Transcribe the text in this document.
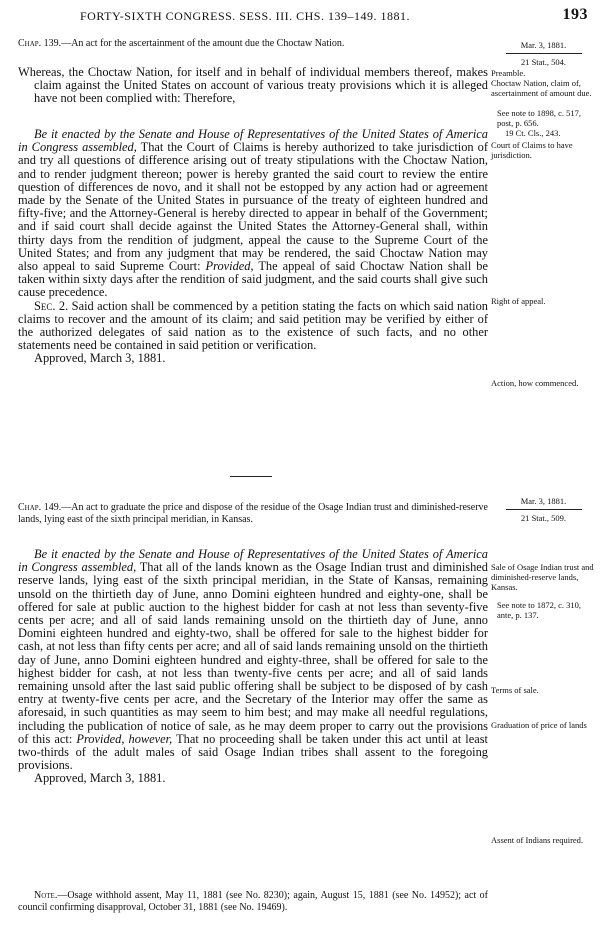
FORTY-SIXTH CONGRESS. SESS. III. CHS. 139–149. 1881.	193
Chap. 139.—An act for the ascertainment of the amount due the Choctaw Nation.

Whereas, the Choctaw Nation, for itself and in behalf of individual members thereof, makes claim against the United States on account of various treaty provisions which it is alleged have not been complied with: Therefore,

Be it enacted by the Senate and House of Representatives of the United States of America in Congress assembled, That the Court of Claims is hereby authorized to take jurisdiction of and try all questions of difference arising out of treaty stipulations with the Choctaw Nation, and to render judgment thereon; power is hereby granted the said court to review the entire question of differences de novo, and it shall not be estopped by any action had or agreement made by the Senate of the United States in pursuance of the treaty of eighteen hundred and fifty-five; and the Attorney-General is hereby directed to appear in behalf of the Government; and if said court shall decide against the United States the Attorney-General shall, within thirty days from the rendition of judgment, appeal the cause to the Supreme Court of the United States; and from any judgment that may be rendered, the said Choctaw Nation may also appeal to said Supreme Court: Provided, The appeal of said Choctaw Nation shall be taken within sixty days after the rendition of said judgment, and the said courts shall give such cause precedence.

Sec. 2. Said action shall be commenced by a petition stating the facts on which said nation claims to recover and the amount of its claim; and said petition may be verified by either of the authorized delegates of said nation as to the existence of such facts, and no other statements need be contained in said petition or verification.

Approved, March 3, 1881.

Chap. 149.—An act to graduate the price and dispose of the residue of the Osage Indian trust and diminished-reserve lands, lying east of the sixth principal meridian, in Kansas.

Be it enacted by the Senate and House of Representatives of the United States of America in Congress assembled, That all of the lands known as the Osage Indian trust and diminished reserve lands, lying east of the sixth principal meridian, in the State of Kansas, remaining unsold on the thirtieth day of June, anno Domini eighteen hundred and eighty-one, shall be offered for sale at public auction to the highest bidder for cash at not less than seventy-five cents per acre; and all of said lands remaining unsold on the thirtieth day of June, anno Domini eighteen hundred and eighty-two, shall be offered for sale to the highest bidder for cash, at not less than fifty cents per acre; and all of said lands remaining unsold on the thirtieth day of June, anno Domini eighteen hundred and eighty-three, shall be offered for sale to the highest bidder for cash, at not less than twenty-five cents per acre; and all of said lands remaining unsold after the last said public offering shall be subject to be disposed of by cash entry at twenty-five cents per acre, and the Secretary of the Interior may offer the same as aforesaid, in such quantities as may seem to him best; and may make all needful regulations, including the publication of notice of sale, as he may deem proper to carry out the provisions of this act: Provided, however, That no proceeding shall be taken under this act until at least two-thirds of the adult males of said Osage Indian tribes shall assent to the foregoing provisions.

Approved, March 3, 1881.

Note.—Osage withhold assent, May 11, 1881 (see No. 8230); again, August 15, 1881 (see No. 14952); act of council confirming disapproval, October 31, 1881 (see No. 19469).

Mar. 3, 1881.
21 Stat., 504.
Preamble.
Choctaw Nation, claim of, ascertainment of amount due.
See note to 1898, c. 517, post, p. 656.
19 Ct. Cls., 243.
Court of Claims to have jurisdiction.
Right of appeal.
Action, how commenced.
Mar. 3, 1881.
21 Stat., 509.
Sale of Osage Indian trust and diminished-reserve lands, Kansas.
See note to 1872, c. 310, ante, p. 137.
Terms of sale.
Graduation of price of lands
Assent of Indians required.
